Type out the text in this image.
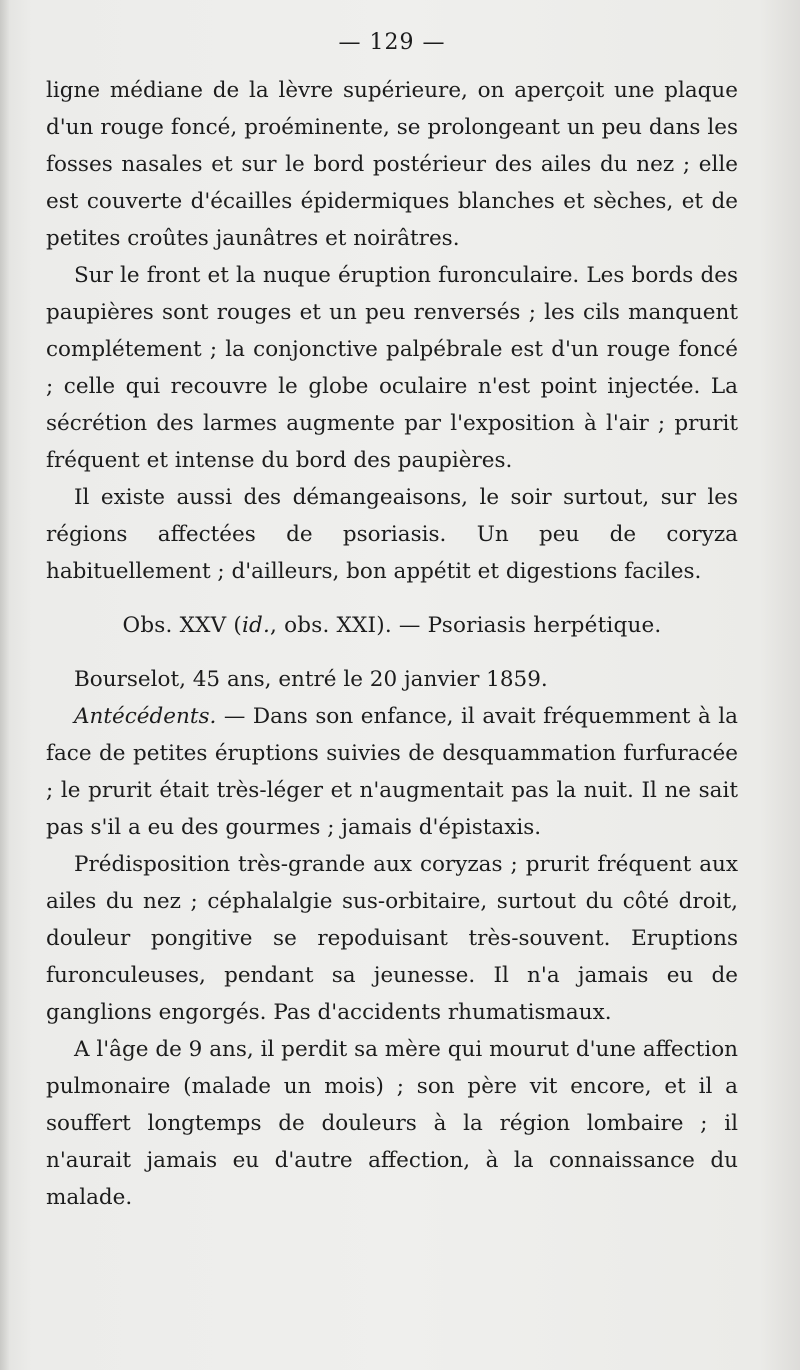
— 129 —

ligne médiane de la lèvre supérieure, on aperçoit une plaque d'un rouge foncé, proéminente, se prolongeant un peu dans les fosses nasales et sur le bord postérieur des ailes du nez ; elle est couverte d'écailles épidermiques blanches et sèches, et de petites croûtes jaunâtres et noirâtres.

Sur le front et la nuque éruption furonculaire. Les bords des paupières sont rouges et un peu renversés ; les cils manquent complétement ; la conjonctive palpébrale est d'un rouge foncé ; celle qui recouvre le globe oculaire n'est point injectée. La sécrétion des larmes augmente par l'exposition à l'air ; prurit fréquent et intense du bord des paupières.

Il existe aussi des démangeaisons, le soir surtout, sur les régions affectées de psoriasis. Un peu de coryza habituellement ; d'ailleurs, bon appétit et digestions faciles.

Obs. XXV (id., obs. XXI). — Psoriasis herpétique.

Bourselot, 45 ans, entré le 20 janvier 1859.

Antécédents. — Dans son enfance, il avait fréquemment à la face de petites éruptions suivies de desquammation furfuracée ; le prurit était très-léger et n'augmentait pas la nuit. Il ne sait pas s'il a eu des gourmes ; jamais d'épistaxis.

Prédisposition très-grande aux coryzas ; prurit fréquent aux ailes du nez ; céphalalgie sus-orbitaire, surtout du côté droit, douleur pongitive se repoduisant très-souvent. Eruptions furonculeuses, pendant sa jeunesse. Il n'a jamais eu de ganglions engorgés. Pas d'accidents rhumatismaux.

A l'âge de 9 ans, il perdit sa mère qui mourut d'une affection pulmonaire (malade un mois) ; son père vit encore, et il a souffert longtemps de douleurs à la région lombaire ; il n'aurait jamais eu d'autre affection, à la connaissance du malade.
